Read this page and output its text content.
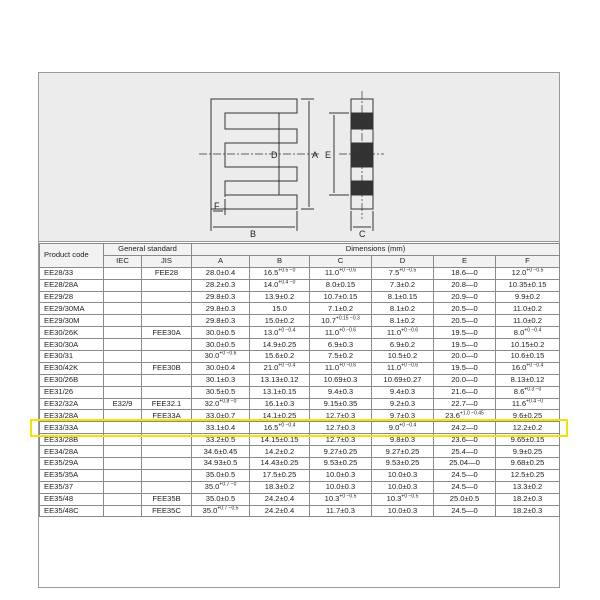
D	A
F
B
E
C
Product code	General standard		Dimensions (mm)					
	IEC	JIS	A	B	C	D	E	F
EE28/33		FEE28	28.0±0.4	$16.5^{+0.5 -0}$	$11.0^{+0 -0.6}$	$7.5^{+0 -0.5}$	18.6—0	$12.0^{+0 -0.5}$
EE28/28A			28.2±0.3	$14.0^{+0.4 -0}$	8.0±0.15	7.3±0.2	20.8—0	10.35±0.15
EE29/28			29.8±0.3	13.9±0.2	10.7±0.15	8.1±0.15	20.9—0	9.9±0.2
EE29/30MA			29.8±0.3	15.0	7.1±0.2	8.1±0.2	20.5—0	11.0±0.2
EE29/30M			29.8±0.3	15.0±0.2	$10.7^{+0.15 -0.3}$	8.1±0.2	20.5—0	11.0±0.2
EE30/26K		FEE30A	30.0±0.5	$13.0^{+0 -0.4}$	$11.0^{+0 -0.6}$	$11.0^{+0 -0.6}$	19.5—0	$8.0^{+0 -0.4}$
EE30/30A			30.0±0.5	14.9±0.25	6.9±0.3	6.9±0.2	19.5—0	10.15±0.2
EE30/31			$30.0^{+0 -0.6}$	15.6±0.2	7.5±0.2	10.5±0.2	20.0—0	10.6±0.15
EE30/42K		FEE30B	30.0±0.4	$21.0^{+0 -0.4}$	$11.0^{+0 -0.6}$	$11.0^{+0 -0.6}$	19.5—0	$16.0^{+0 -0.4}$
EE30/26B			30.1±0.3	13.13±0.12	10.69±0.3	10.69±0.27	20.0—0	8.13±0.12
EE31/26			30.5±0.5	13.1±0.15	9.4±0.3	9.4±0.3	21.6—0	$8.6^{+0.3 -0}$
EE32/32A	E32/9	FEE32.1	$32.0^{+0.8 -0}$	16.1±0.3	9.15±0.35	9.2±0.3	22.7—0	$11.6^{+0.4 -0}$
EE33/28A		FEE33A	33.0±0.7	14.1±0.25	12.7±0.3	9.7±0.3	$23.6^{+1.0 -0.45}$	9.6±0.25
EE33/33A			33.1±0.4	$16.5^{+0 -0.4}$	12.7±0.3	$9.0^{+0 -0.4}$	24.2—0	12.2±0.2
EE33/28B			33.2±0.5	14.15±0.15	12.7±0.3	9.8±0.3	23.6—0	9.65±0.15
EE34/28A			34.6±0.45	14.2±0.2	9.27±0.25	9.27±0.25	25.4—0	9.9±0.25
EE35/29A			34.93±0.5	14.43±0.25	9.53±0.25	9.53±0.25	25.04—0	9.68±0.25
EE35/35A			35.0±0.5	17.5±0.25	10.0±0.3	10.0±0.3	24.5—0	12.5±0.25
EE35/37			$35.0^{+0.7 -0}$	18.3±0.2	10.0±0.3	10.0±0.3	24.5—0	13.3±0.2
EE35/48		FEE35B	35.0±0.5	24.2±0.4	$10.3^{+0 -0.5}$	$10.3^{+0 -0.5}$	25.0±0.5	18.2±0.3
EE35/48C		FEE35C	$35.0^{+0.7 -0.5}$	24.2±0.4	11.7±0.3	10.0±0.3	24.5—0	18.2±0.3
